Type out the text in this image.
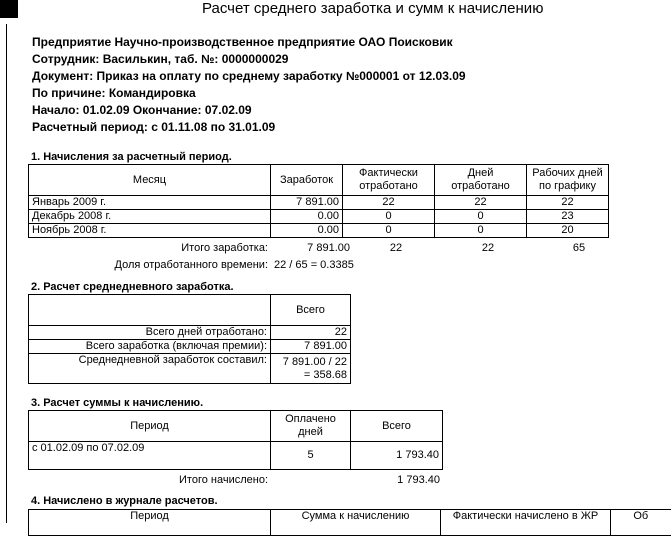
Расчет среднего заработка и сумм к начислению
Предприятие Научно-производственное предприятие ОАО Поисковик
Сотрудник: Василькин, таб. №: 0000000029
Документ: Приказ на оплату по среднему заработку №000001 от 12.03.09
По причине: Командировка
Начало: 01.02.09 Окончание: 07.02.09
Расчетный период: с 01.11.08 по 31.01.09
1. Начисления за расчетный период.
Месяц	Заработок	Фактически отработано	Дней отработано	Рабочих дней по графику
Январь 2009 г.	7 891.00	22	22	22
Декабрь 2008 г.	0.00	0	0	23
Ноябрь 2008 г.	0.00	0	0	20
Итого заработка:	7 891.00	22	22	65
Доля отработанного времени: 22 / 65 = 0.3385
2. Расчет среднедневного заработка.
	Всего
Всего дней отработано:	22
Всего заработка (включая премии):	7 891.00
Среднедневной заработок составил:	7 891.00 / 22
= 358.68
3. Расчет суммы к начислению.
Период	Оплачено дней	Всего
с 01.02.09 по 07.02.09	5	1 793.40
Итого начислено:	1 793.40
4. Начислено в журнале расчетов.
Период	Сумма к начислению	Фактически начислено в ЖР	Об
